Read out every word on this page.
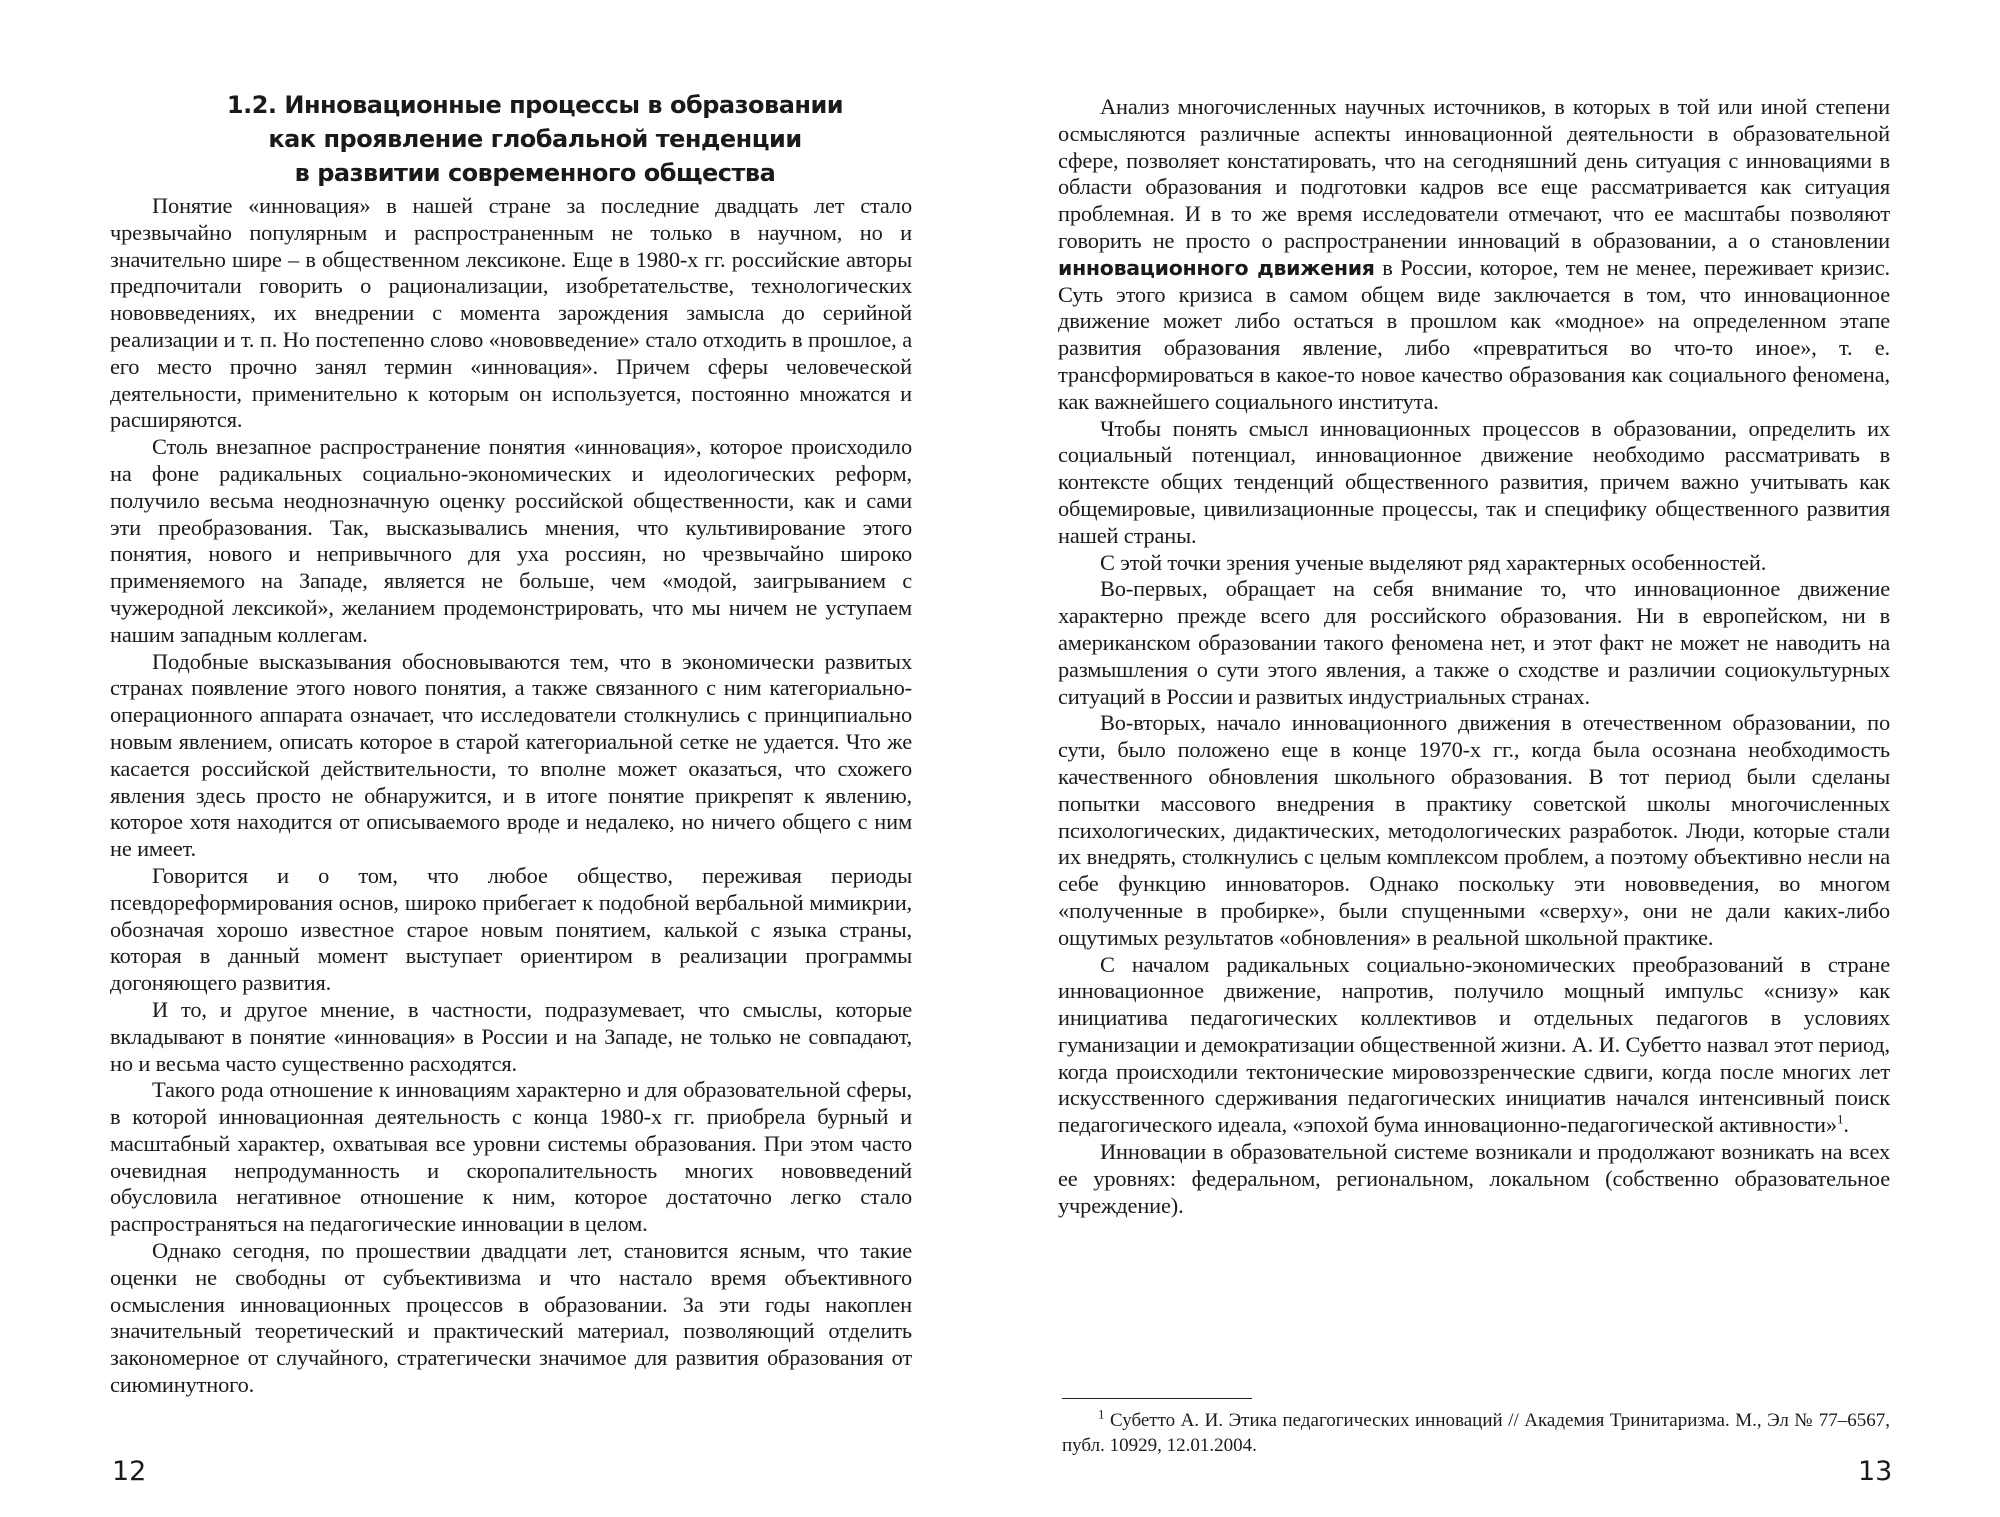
1.2. Инновационные процессы в образовании
как проявление глобальной тенденции
в развитии современного общества

Понятие «инновация» в нашей стране за последние двадцать лет стало чрезвычайно популярным и распространенным не только в научном, но и значительно шире – в общественном лексиконе. Еще в 1980-х гг. российские авторы предпочитали говорить о рационализации, изобретательстве, технологических нововведениях, их внедрении с момента зарождения замысла до серийной реализации и т. п. Но постепенно слово «нововведение» стало отходить в прошлое, а его место прочно занял термин «инновация». Причем сферы человеческой деятельности, применительно к которым он используется, постоянно множатся и расширяются.

Столь внезапное распространение понятия «инновация», которое происходило на фоне радикальных социально-экономических и идеологических реформ, получило весьма неоднозначную оценку российской общественности, как и сами эти преобразования. Так, высказывались мнения, что культивирование этого понятия, нового и непривычного для уха россиян, но чрезвычайно широко применяемого на Западе, является не больше, чем «модой, заигрыванием с чужеродной лексикой», желанием продемонстрировать, что мы ничем не уступаем нашим западным коллегам.

Подобные высказывания обосновываются тем, что в экономически развитых странах появление этого нового понятия, а также связанного с ним категориально-операционного аппарата означает, что исследователи столкнулись с принципиально новым явлением, описать которое в старой категориальной сетке не удается. Что же касается российской действительности, то вполне может оказаться, что схожего явления здесь просто не обнаружится, и в итоге понятие прикрепят к явлению, которое хотя находится от описываемого вроде и недалеко, но ничего общего с ним не имеет.

Говорится и о том, что любое общество, переживая периоды псевдореформирования основ, широко прибегает к подобной вербальной мимикрии, обозначая хорошо известное старое новым понятием, калькой с языка страны, которая в данный момент выступает ориентиром в реализации программы догоняющего развития.

И то, и другое мнение, в частности, подразумевает, что смыслы, которые вкладывают в понятие «инновация» в России и на Западе, не только не совпадают, но и весьма часто существенно расходятся.

Такого рода отношение к инновациям характерно и для образовательной сферы, в которой инновационная деятельность с конца 1980-х гг. приобрела бурный и масштабный характер, охватывая все уровни системы образования. При этом часто очевидная непродуманность и скоропалительность многих нововведений обусловила негативное отношение к ним, которое достаточно легко стало распространяться на педагогические инновации в целом.

Однако сегодня, по прошествии двадцати лет, становится ясным, что такие оценки не свободны от субъективизма и что настало время объективного осмысления инновационных процессов в образовании. За эти годы накоплен значительный теоретический и практический материал, позволяющий отделить закономерное от случайного, стратегически значимое для развития образования от сиюминутного.

12

Анализ многочисленных научных источников, в которых в той или иной степени осмысляются различные аспекты инновационной деятельности в образовательной сфере, позволяет констатировать, что на сегодняшний день ситуация с инновациями в области образования и подготовки кадров все еще рассматривается как ситуация проблемная. И в то же время исследователи отмечают, что ее масштабы позволяют говорить не просто о распространении инноваций в образовании, а о становлении инновационного движения в России, которое, тем не менее, переживает кризис. Суть этого кризиса в самом общем виде заключается в том, что инновационное движение может либо остаться в прошлом как «модное» на определенном этапе развития образования явление, либо «превратиться во что-то иное», т. е. трансформироваться в какое-то новое качество образования как социального феномена, как важнейшего социального института.

Чтобы понять смысл инновационных процессов в образовании, определить их социальный потенциал, инновационное движение необходимо рассматривать в контексте общих тенденций общественного развития, причем важно учитывать как общемировые, цивилизационные процессы, так и специфику общественного развития нашей страны.

С этой точки зрения ученые выделяют ряд характерных особенностей.

Во-первых, обращает на себя внимание то, что инновационное движение характерно прежде всего для российского образования. Ни в европейском, ни в американском образовании такого феномена нет, и этот факт не может не наводить на размышления о сути этого явления, а также о сходстве и различии социокультурных ситуаций в России и развитых индустриальных странах.

Во-вторых, начало инновационного движения в отечественном образовании, по сути, было положено еще в конце 1970-х гг., когда была осознана необходимость качественного обновления школьного образования. В тот период были сделаны попытки массового внедрения в практику советской школы многочисленных психологических, дидактических, методологических разработок. Люди, которые стали их внедрять, столкнулись с целым комплексом проблем, а поэтому объективно несли на себе функцию инноваторов. Однако поскольку эти нововведения, во многом «полученные в пробирке», были спущенными «сверху», они не дали каких-либо ощутимых результатов «обновления» в реальной школьной практике.

С началом радикальных социально-экономических преобразований в стране инновационное движение, напротив, получило мощный импульс «снизу» как инициатива педагогических коллективов и отдельных педагогов в условиях гуманизации и демократизации общественной жизни. А. И. Субетто назвал этот период, когда происходили тектонические мировоззренческие сдвиги, когда после многих лет искусственного сдерживания педагогических инициатив начался интенсивный поиск педагогического идеала, «эпохой бума инновационно-педагогической активности»$^1$.

Инновации в образовательной системе возникали и продолжают возникать на всех ее уровнях: федеральном, региональном, локальном (собственно образовательное учреждение).

$^1$ Субетто А. И. Этика педагогических инноваций // Академия Тринитаризма. М., Эл № 77–6567, публ. 10929, 12.01.2004.
13
